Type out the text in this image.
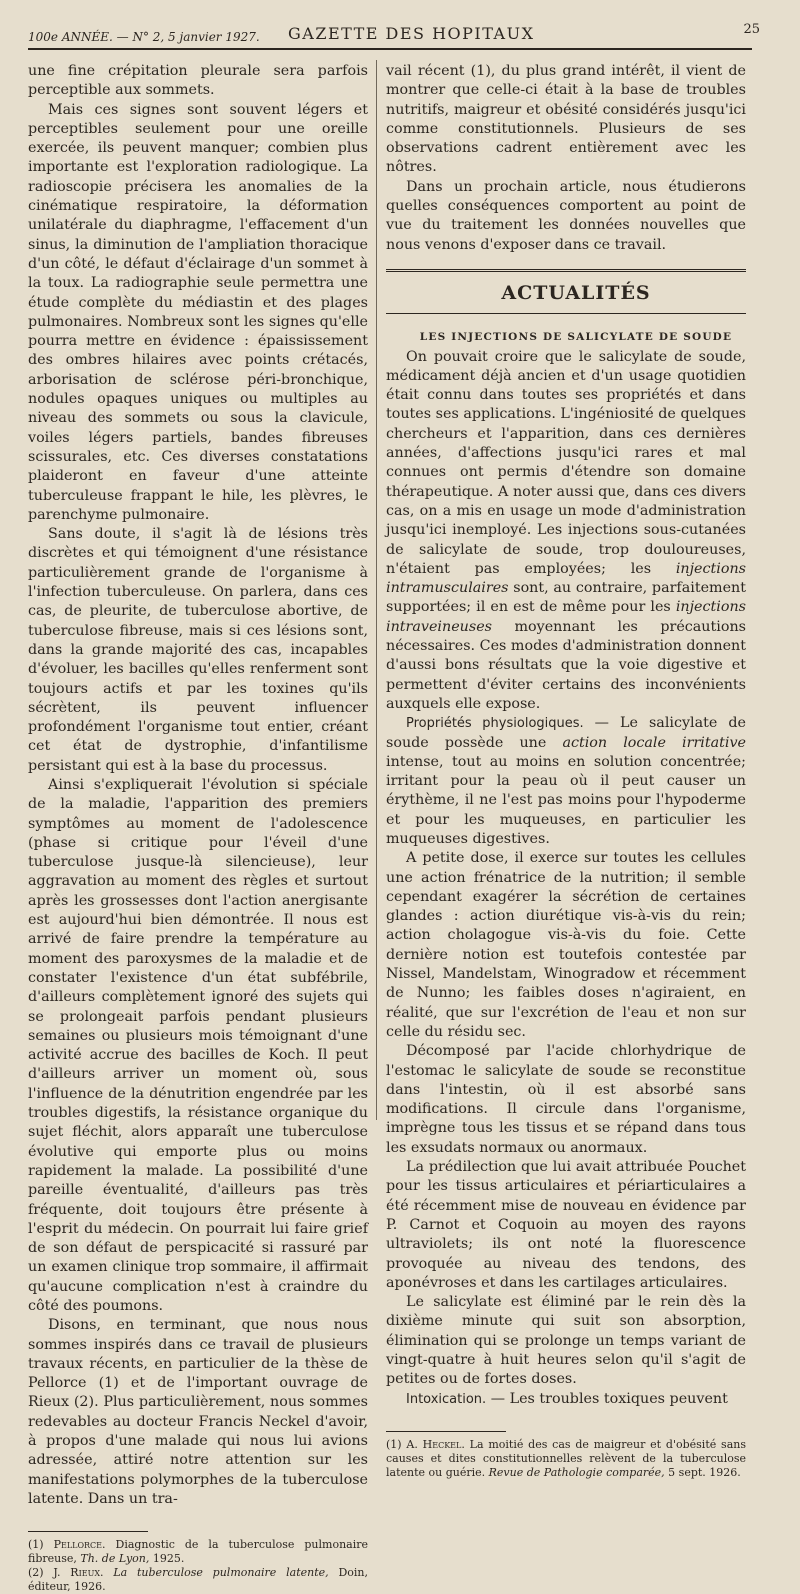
100e ANNÉE. — N° 2, 5 janvier 1927. GAZETTE DES HOPITAUX	25

une fine crépitation pleurale sera parfois perceptible aux sommets.

Mais ces signes sont souvent légers et perceptibles seulement pour une oreille exercée, ils peuvent manquer; combien plus importante est l'exploration radiologique. La radioscopie précisera les anomalies de la cinématique respiratoire, la déformation unilatérale du diaphragme, l'effacement d'un sinus, la diminution de l'ampliation thoracique d'un côté, le défaut d'éclairage d'un sommet à la toux. La radiographie seule permettra une étude complète du médiastin et des plages pulmonaires. Nombreux sont les signes qu'elle pourra mettre en évidence : épaississement des ombres hilaires avec points crétacés, arborisation de sclérose péri-bronchique, nodules opaques uniques ou multiples au niveau des sommets ou sous la clavicule, voiles légers partiels, bandes fibreuses scissurales, etc. Ces diverses constatations plaideront en faveur d'une atteinte tuberculeuse frappant le hile, les plèvres, le parenchyme pulmonaire.

Sans doute, il s'agit là de lésions très discrètes et qui témoignent d'une résistance particulièrement grande de l'organisme à l'infection tuberculeuse. On parlera, dans ces cas, de pleurite, de tuberculose abortive, de tuberculose fibreuse, mais si ces lésions sont, dans la grande majorité des cas, incapables d'évoluer, les bacilles qu'elles renferment sont toujours actifs et par les toxines qu'ils sécrètent, ils peuvent influencer profondément l'organisme tout entier, créant cet état de dystrophie, d'infantilisme persistant qui est à la base du processus.

Ainsi s'expliquerait l'évolution si spéciale de la maladie, l'apparition des premiers symptômes au moment de l'adolescence (phase si critique pour l'éveil d'une tuberculose jusque-là silencieuse), leur aggravation au moment des règles et surtout après les grossesses dont l'action anergisante est aujourd'hui bien démontrée. Il nous est arrivé de faire prendre la température au moment des paroxysmes de la maladie et de constater l'existence d'un état subfébrile, d'ailleurs complètement ignoré des sujets qui se prolongeait parfois pendant plusieurs semaines ou plusieurs mois témoignant d'une activité accrue des bacilles de Koch. Il peut d'ailleurs arriver un moment où, sous l'influence de la dénutrition engendrée par les troubles digestifs, la résistance organique du sujet fléchit, alors apparaît une tuberculose évolutive qui emporte plus ou moins rapidement la malade. La possibilité d'une pareille éventualité, d'ailleurs pas très fréquente, doit toujours être présente à l'esprit du médecin. On pourrait lui faire grief de son défaut de perspicacité si rassuré par un examen clinique trop sommaire, il affirmait qu'aucune complication n'est à craindre du côté des poumons.

Disons, en terminant, que nous nous sommes inspirés dans ce travail de plusieurs travaux récents, en particulier de la thèse de Pellorce (1) et de l'important ouvrage de Rieux (2). Plus particulièrement, nous sommes redevables au docteur Francis Neckel d'avoir, à propos d'une malade qui nous lui avions adressée, attiré notre attention sur les manifestations polymorphes de la tuberculose latente. Dans un tra-

(1) Pellorce. Diagnostic de la tuberculose pulmonaire fibreuse, Th. de Lyon, 1925.

(2) J. Rieux. La tuberculose pulmonaire latente, Doin, éditeur, 1926.

vail récent (1), du plus grand intérêt, il vient de montrer que celle-ci était à la base de troubles nutritifs, maigreur et obésité considérés jusqu'ici comme constitutionnels. Plusieurs de ses observations cadrent entièrement avec les nôtres.

Dans un prochain article, nous étudierons quelles conséquences comportent au point de vue du traitement les données nouvelles que nous venons d'exposer dans ce travail.

ACTUALITÉS

LES INJECTIONS DE SALICYLATE DE SOUDE

On pouvait croire que le salicylate de soude, médicament déjà ancien et d'un usage quotidien était connu dans toutes ses propriétés et dans toutes ses applications. L'ingéniosité de quelques chercheurs et l'apparition, dans ces dernières années, d'affections jusqu'ici rares et mal connues ont permis d'étendre son domaine thérapeutique. A noter aussi que, dans ces divers cas, on a mis en usage un mode d'administration jusqu'ici inemployé. Les injections sous-cutanées de salicylate de soude, trop douloureuses, n'étaient pas employées; les injections intramusculaires sont, au contraire, parfaitement supportées; il en est de même pour les injections intraveineuses moyennant les précautions nécessaires. Ces modes d'administration donnent d'aussi bons résultats que la voie digestive et permettent d'éviter certains des inconvénients auxquels elle expose.

Propriétés physiologiques. — Le salicylate de soude possède une action locale irritative intense, tout au moins en solution concentrée; irritant pour la peau où il peut causer un érythème, il ne l'est pas moins pour l'hypoderme et pour les muqueuses, en particulier les muqueuses digestives.

A petite dose, il exerce sur toutes les cellules une action frénatrice de la nutrition; il semble cependant exagérer la sécrétion de certaines glandes : action diurétique vis-à-vis du rein; action cholagogue vis-à-vis du foie. Cette dernière notion est toutefois contestée par Nissel, Mandelstam, Winogradow et récemment de Nunno; les faibles doses n'agiraient, en réalité, que sur l'excrétion de l'eau et non sur celle du résidu sec.

Décomposé par l'acide chlorhydrique de l'estomac le salicylate de soude se reconstitue dans l'intestin, où il est absorbé sans modifications. Il circule dans l'organisme, imprègne tous les tissus et se répand dans tous les exsudats normaux ou anormaux.

La prédilection que lui avait attribuée Pouchet pour les tissus articulaires et périarticulaires a été récemment mise de nouveau en évidence par P. Carnot et Coquoin au moyen des rayons ultraviolets; ils ont noté la fluorescence provoquée au niveau des tendons, des aponévroses et dans les cartilages articulaires.

Le salicylate est éliminé par le rein dès la dixième minute qui suit son absorption, élimination qui se prolonge un temps variant de vingt-quatre à huit heures selon qu'il s'agit de petites ou de fortes doses.

Intoxication. — Les troubles toxiques peuvent

(1) A. Heckel. La moitié des cas de maigreur et d'obésité sans causes et dites constitutionnelles relèvent de la tuberculose latente ou guérie. Revue de Pathologie comparée, 5 sept. 1926.
